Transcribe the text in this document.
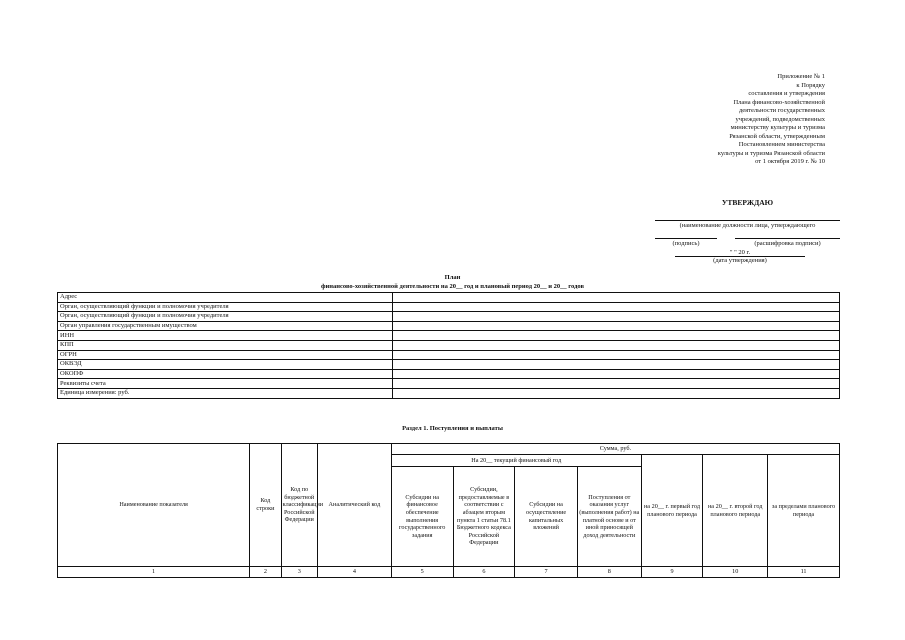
Приложение № 1
к Порядку
составления и утверждения
Плана финансово-хозяйственной
деятельности государственных
учреждений, подведомственных
министерству культуры и туризма
Рязанской области, утвержденным
Постановлением министерства
культуры и туризма Рязанской области
от 1 октября 2019 г. № 10
УТВЕРЖДАЮ
(наименование должности лица, утверждающего
(подпись)	(расшифровка подписи)
" " 20 г.
(дата утверждения)
План
финансово-хозяйственной деятельности на 20__ год и плановый период 20__ и 20__ годов
Адрес	
Орган, осуществляющий функции и полномочия учредителя	
Орган, осуществляющий функции и полномочия учредителя	
Орган управления государственным имуществом	
ИНН	
КПП	
ОГРН	
ОКВЭД	
ОКОПФ	
Реквизиты счета	
Единица измерения: руб.	
Раздел 1. Поступления и выплаты
Наименование показателя	Код строки	Код по бюджетной классификации Российской Федерации	Аналитический код	Сумма, руб.						
				На 20__ текущий финансовый год				на 20__ г. первый год планового периода	на 20__ г. второй год планового периода	за пределами планового периода
				Субсидии на финансовое обеспечение выполнения государственного задания	Субсидии, предоставляемые в соответствии с абзацем вторым пункта 1 статьи 78.1 Бюджетного кодекса Российской Федерации	Субсидии на осуществление капитальных вложений	Поступления от оказания услуг (выполнения работ) на платной основе и от иной приносящей доход деятельности			
1	2	3	4	5	6	7	8	9	10	11
